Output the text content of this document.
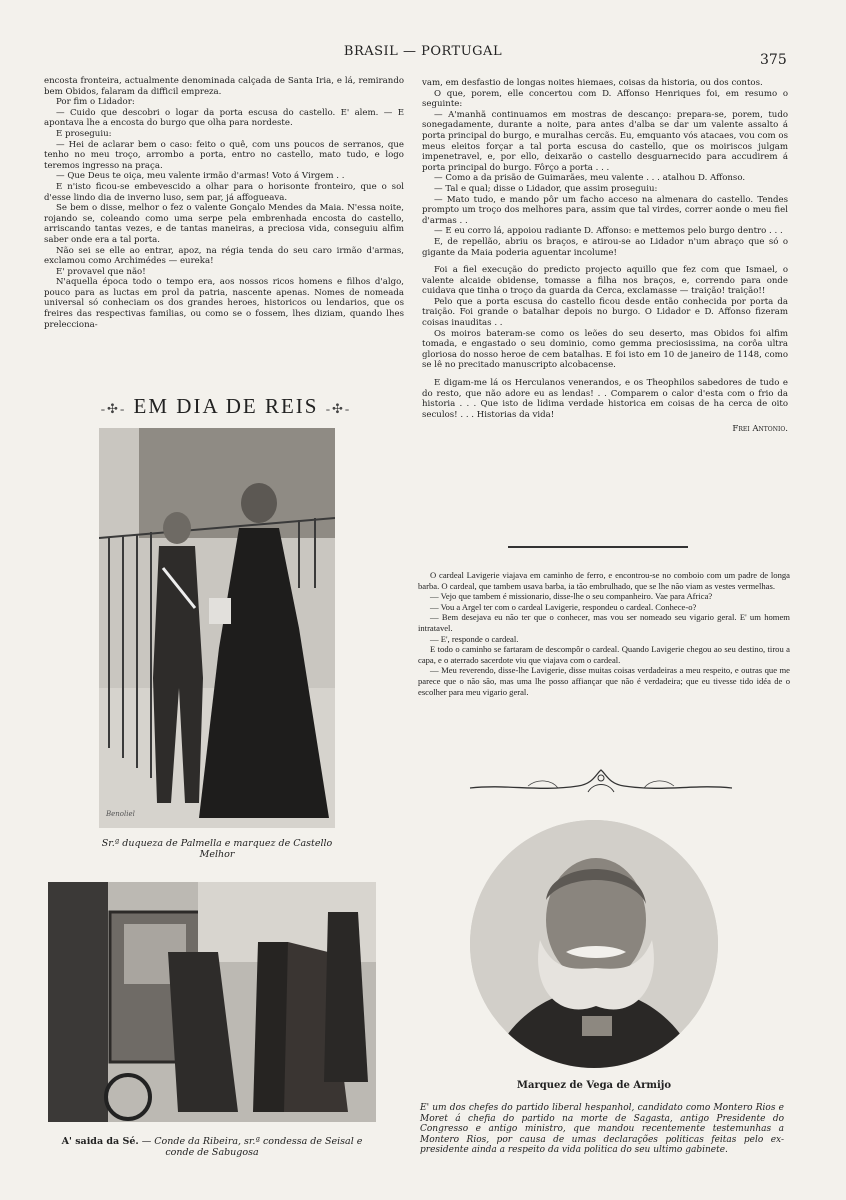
BRASIL — PORTUGAL
375

encosta fronteira, actualmente denominada calçada de Santa Iria, e lá, remirando bem Obidos, falaram da difficil empreza.

Por fim o Lidador:

— Cuido que descobri o logar da porta escusa do castello. E' alem. — E apontava lhe a encosta do burgo que olha para nordeste.

E proseguiu:

— Hei de aclarar bem o caso: feito o quê, com uns poucos de serranos, que tenho no meu troço, arrombo a porta, entro no castello, mato tudo, e logo teremos ingresso na praça.

— Que Deus te oiça, meu valente irmão d'armas! Voto á Virgem . .

E n'isto ficou-se embevescido a olhar para o horisonte fronteiro, que o sol d'esse lindo dia de inverno luso, sem par, já affogueava.

Se bem o disse, melhor o fez o valente Gonçalo Mendes da Maia. N'essa noite, rojando se, coleando como uma serpe pela embrenhada encosta do castello, arriscando tantas vezes, e de tantas maneiras, a preciosa vida, conseguiu alfim saber onde era a tal porta.

Não sei se elle ao entrar, apoz, na régia tenda do seu caro irmão d'armas, exclamou como Archimédes — eureka!

E' provavel que não!

N'aquella época todo o tempo era, aos nossos ricos homens e filhos d'algo, pouco para as luctas em prol da patria, nascente apenas. Nomes de nomeada universal só conheciam os dos grandes heroes, historicos ou lendarios, que os freires das respectivas familias, ou como se o fossem, lhes diziam, quando lhes prelecciona-

vam, em desfastio de longas noites hiemaes, coisas da historia, ou dos contos.

O que, porem, elle concertou com D. Affonso Henriques foi, em resumo o seguinte:

— A'manhã continuamos em mostras de descanço: prepara-se, porem, tudo sonegadamente, durante a noite, para antes d'alba se dar um valente assalto á porta principal do burgo, e muralhas cercãs. Eu, emquanto vós atacaes, vou com os meus eleitos forçar a tal porta escusa do castello, que os moiriscos julgam impenetravel, e, por ello, deixarão o castello desguarnecido para accudirem á porta principal do burgo. Fôrço a porta . . .

— Como a da prisão de Guimarães, meu valente . . . atalhou D. Affonso.

— Tal e qual; disse o Lidador, que assim proseguiu:

— Mato tudo, e mando pôr um facho acceso na almenara do castello. Tendes prompto um troço dos melhores para, assim que tal virdes, correr aonde o meu fiel d'armas . .

— E eu corro lá, appoiou radiante D. Affonso: e mettemos pelo burgo dentro . . .

E, de repellão, abriu os braços, e atirou-se ao Lidador n'um abraço que só o gigante da Maia poderia aguentar incolume!

Foi a fiel execução do predicto projecto aquillo que fez com que Ismael, o valente alcaide obidense, tomasse a filha nos braços, e, correndo para onde cuidava que tinha o troço da guarda da Cerca, exclamasse — traição! traição!!

Pelo que a porta escusa do castello ficou desde então conhecida por porta da traição. Foi grande o batalhar depois no burgo. O Lidador e D. Affonso fizeram coisas inauditas . .

Os moiros bateram-se como os leões do seu deserto, mas Obidos foi alfim tomada, e engastado o seu dominio, como gemma preciosissima, na corôa ultra gloriosa do nosso heroe de cem batalhas. E foi isto em 10 de janeiro de 1148, como se lê no precitado manuscripto alcobacense.

E digam-me lá os Herculanos venerandos, e os Theophilos sabedores de tudo e do resto, que não adore eu as lendas! . . Comparem o calor d'esta com o frio da historia . . . Que isto de lidima verdade historica em coisas de ha cerca de oito seculos! . . . Historias da vida!

Frei Antonio.

O cardeal Lavigerie viajava em caminho de ferro, e encontrou-se no comboio com um padre de longa barba. O cardeal, que tambem usava barba, ia tão embrulhado, que se lhe não viam as vestes vermelhas.

— Vejo que tambem é missionario, disse-lhe o seu companheiro. Vae para Africa?

— Vou a Argel ter com o cardeal Lavigerie, respondeu o cardeal. Conhece-o?

— Bem desejava eu não ter que o conhecer, mas vou ser nomeado seu vigario geral. E' um homem intratavel.

— E', responde o cardeal.

E todo o caminho se fartaram de descompôr o cardeal. Quando Lavigerie chegou ao seu destino, tirou a capa, e o aterrado sacerdote viu que viajava com o cardeal.

— Meu reverendo, disse-lhe Lavigerie, disse muitas coisas verdadeiras a meu respeito, e outras que me parece que o não são, mas uma lhe posso affiançar que não é verdadeira; que eu tivesse tido idéa de o escolher para meu vigario geral.

-✣- EM DIA DE REIS -✣-
Sr.ª duqueza de Palmella e marquez de Castello Melhor
Benoliel
A' saida da Sé. — Conde da Ribeira, sr.ª condessa de Seisal e conde de Sabugosa
Marquez de Vega de Armijo
E' um dos chefes do partido liberal hespanhol, candidato como Montero Rios e Moret á chefia do partido na morte de Sagasta, antigo Presidente do Congresso e antigo ministro, que mandou recentemente testemunhas a Montero Rios, por causa de umas declarações politicas feitas pelo ex-presidente ainda a respeito da vida politica do seu ultimo gabinete.
